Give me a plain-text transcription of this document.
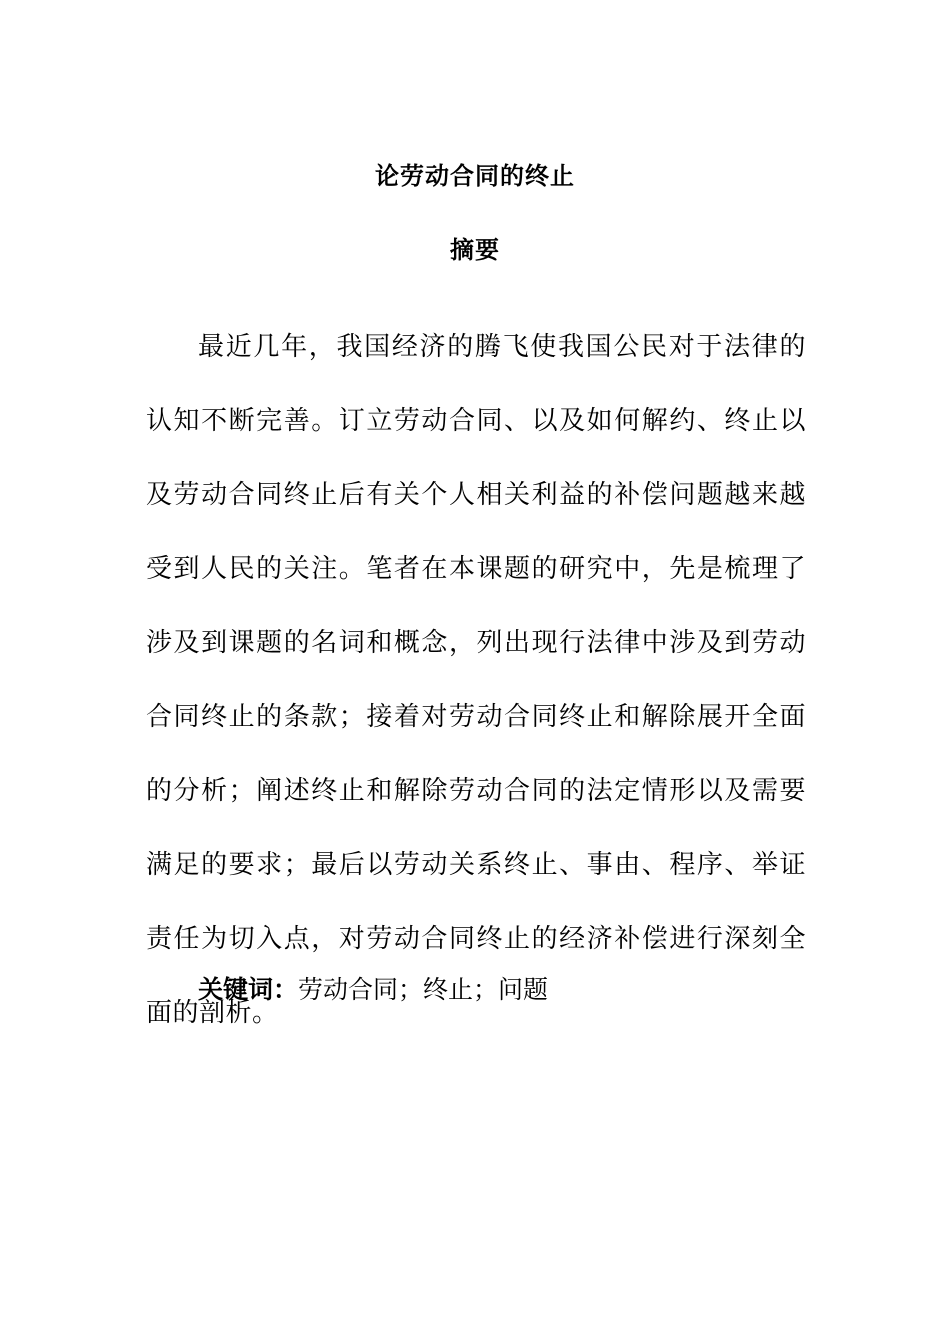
论劳动合同的终止
摘要

最近几年，我国经济的腾飞使我国公民对于法律的认知不断完善。订立劳动合同、以及如何解约、终止以及劳动合同终止后有关个人相关利益的补偿问题越来越受到人民的关注。笔者在本课题的研究中，先是梳理了涉及到课题的名词和概念，列出现行法律中涉及到劳动合同终止的条款；接着对劳动合同终止和解除展开全面的分析；阐述终止和解除劳动合同的法定情形以及需要满足的要求；最后以劳动关系终止、事由、程序、举证责任为切入点，对劳动合同终止的经济补偿进行深刻全面的剖析。

关键词：劳动合同；终止；问题
